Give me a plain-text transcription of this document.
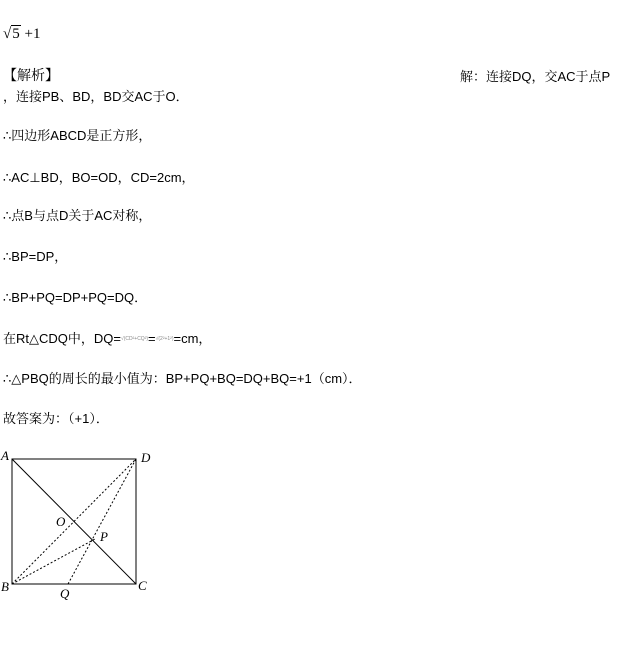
√5 +1
【解析】	解：连接DQ，交AC于点P
，连接PB、BD，BD交AC于O．
∴四边形ABCD是正方形，
∴AC⊥BD，BO=OD，CD=2cm，
∴点B与点D关于AC对称，
∴BP=DP，
∴BP+PQ=DP+PQ=DQ．
在Rt△CDQ中，DQ=$^{√(CD^2+CQ^2)}$=$^{√(2^2+1^2)}$=cm，
∴△PBQ的周长的最小值为：BP+PQ+BQ=DQ+BQ=+1（cm）．
故答案为：（+1）．
A	D
B	C
O
P
Q
